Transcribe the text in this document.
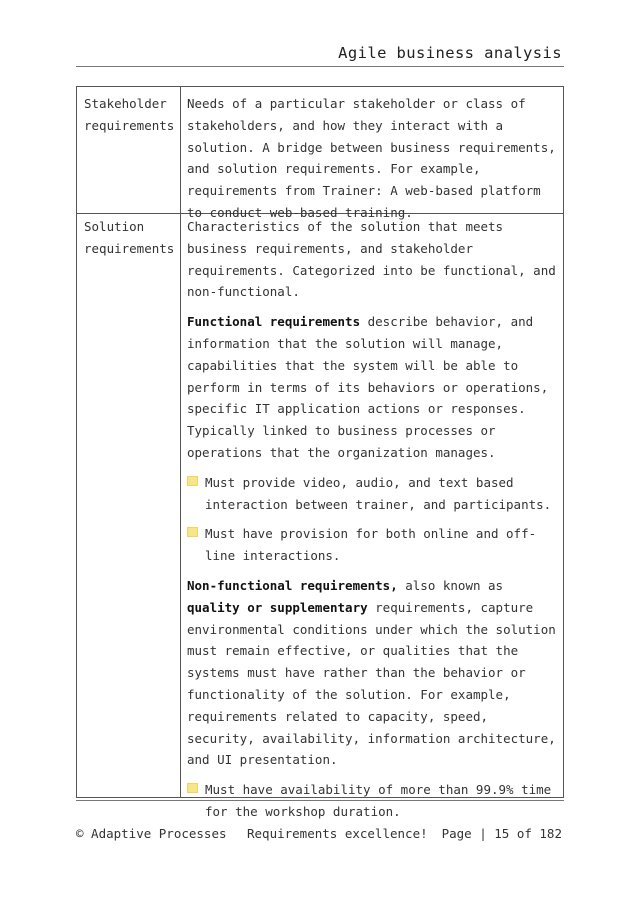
Agile business analysis
Stakeholder
requirements

Needs of a particular stakeholder or class of stakeholders, and how they interact with a solution. A bridge between business requirements, and solution requirements. For example, requirements from Trainer: A web-based platform to conduct web-based training.

Solution
requirements

Characteristics of the solution that meets business requirements, and stakeholder requirements. Categorized into be functional, and non-functional.

Functional requirements describe behavior, and information that the solution will manage, capabilities that the system will be able to perform in terms of its behaviors or operations, specific IT application actions or responses. Typically linked to business processes or operations that the organization manages.

Must provide video, audio, and text based interaction between trainer, and participants.
Must have provision for both online and off-line interactions.

Non-functional requirements, also known as quality or supplementary requirements, capture environmental conditions under which the solution must remain effective, or qualities that the systems must have rather than the behavior or functionality of the solution. For example, requirements related to capacity, speed, security, availability, information architecture, and UI presentation.

Must have availability of more than 99.9% time for the workshop duration.
© Adaptive Processes Requirements excellence! Page | 15 of 182
